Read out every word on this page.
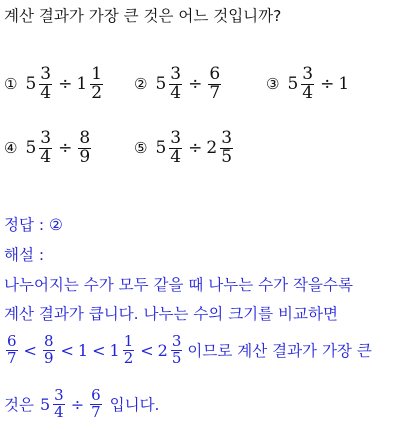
계산 결과가 가장 큰 것은 어느 것입니까?
① $5 \frac{3}{4} \div 1 \frac{1}{2}$ ② $5 \frac{3}{4} \div \frac{6}{7}$	③ $5 \frac{3}{4} \div 1$
④ $5 \frac{3}{4} \div \frac{8}{9}$	⑤ $5 \frac{3}{4} \div 2 \frac{3}{5}$
정답 : ②
해설 :
나누어지는 수가 모두 같을 때 나누는 수가 작을수록
계산 결과가 큽니다. 나누는 수의 크기를 비교하면
$\frac{6}{7} < \frac{8}{9} < 1 < 1 \frac{1}{2} < 2 \frac{3}{5}$ 이므로 계산 결과가 가장 큰
것은 $5 \frac{3}{4} \div \frac{6}{7}$ 입니다.
